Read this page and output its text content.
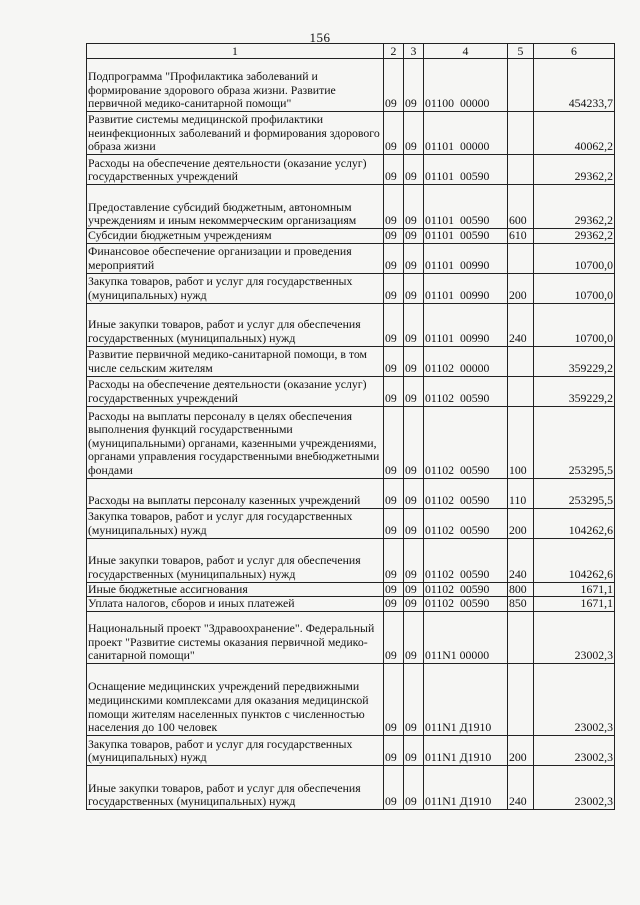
156
1	2	3	4	5	6
Подпрограмма "Профилактика заболеваний и формирование здорового образа жизни. Развитие первичной медико-санитарной помощи"	09	09	01100  00000		454233,7
Развитие системы медицинской профилактики неинфекционных заболеваний и формирования здорового образа жизни	09	09	01101  00000		40062,2
Расходы на обеспечение деятельности (оказание услуг) государственных учреждений	09	09	01101  00590		29362,2
Предоставление субсидий бюджетным, автономным учреждениям и иным некоммерческим организациям	09	09	01101  00590	600	29362,2
Субсидии бюджетным учреждениям	09	09	01101  00590	610	29362,2
Финансовое обеспечение организации и проведения мероприятий	09	09	01101  00990		10700,0
Закупка товаров, работ и услуг для государственных (муниципальных) нужд	09	09	01101  00990	200	10700,0
Иные закупки товаров, работ и услуг для обеспечения государственных (муниципальных) нужд	09	09	01101  00990	240	10700,0
Развитие первичной медико-санитарной помощи, в том числе сельским жителям	09	09	01102  00000		359229,2
Расходы на обеспечение деятельности (оказание услуг) государственных учреждений	09	09	01102  00590		359229,2
Расходы на выплаты персоналу в целях обеспечения выполнения функций государственными (муниципальными) органами, казенными учреждениями, органами управления государственными внебюджетными фондами	09	09	01102  00590	100	253295,5
Расходы на выплаты персоналу казенных учреждений	09	09	01102  00590	110	253295,5
Закупка товаров, работ и услуг для государственных (муниципальных) нужд	09	09	01102  00590	200	104262,6
Иные закупки товаров, работ и услуг для обеспечения государственных (муниципальных) нужд	09	09	01102  00590	240	104262,6
Иные бюджетные ассигнования	09	09	01102  00590	800	1671,1
Уплата налогов, сборов и иных платежей	09	09	01102  00590	850	1671,1
Национальный проект "Здравоохранение". Федеральный проект "Развитие системы оказания первичной медико-санитарной помощи"	09	09	011N1 00000		23002,3
Оснащение медицинских учреждений передвижными медицинскими комплексами для оказания медицинской помощи жителям населенных пунктов с численностью населения до 100 человек	09	09	011N1 Д1910		23002,3
Закупка товаров, работ и услуг для государственных (муниципальных) нужд	09	09	011N1 Д1910	200	23002,3
Иные закупки товаров, работ и услуг для обеспечения государственных (муниципальных) нужд	09	09	011N1 Д1910	240	23002,3
